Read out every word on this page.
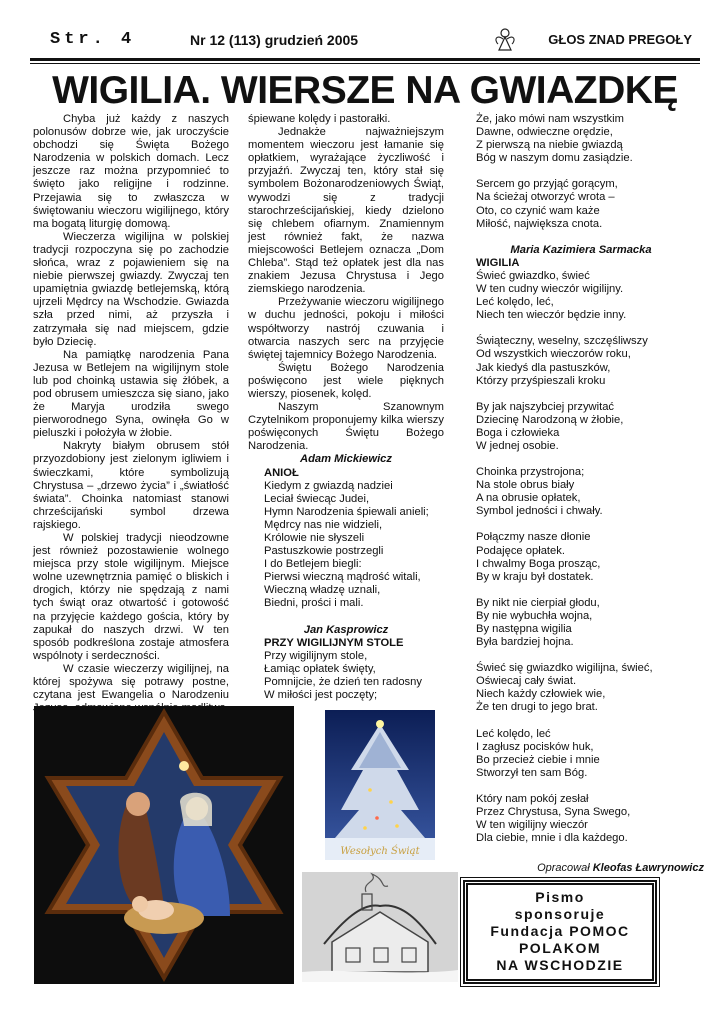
Str. 4	Nr 12 (113) grudzień 2005	GŁOS ZNAD PREGOŁY
WIGILIA. WIERSZE NA GWIAZDKĘ

Chyba już każdy z naszych polonusów dobrze wie, jak uroczyście obchodzi się Święta Bożego Narodzenia w polskich domach. Lecz jeszcze raz można przypomnieć to święto jako religijne i rodzinne. Przejawia się to zwłaszcza w świętowaniu wieczoru wigilijnego, który ma bogatą liturgię domową.

Wieczerza wigilijna w polskiej tradycji rozpoczyna się po zachodzie słońca, wraz z pojawieniem się na niebie pierwszej gwiazdy. Zwyczaj ten upamiętnia gwiazdę betlejemską, którą ujrzeli Mędrcy na Wschodzie. Gwiazda szła przed nimi, aż przyszła i zatrzymała się nad miejscem, gdzie było Dziecię.

Na pamiątkę narodzenia Pana Jezusa w Betlejem na wigilijnym stole lub pod choinką ustawia się żłóbek, a pod obrusem umieszcza się siano, jako że Maryja urodziła swego pierworodnego Syna, owinęła Go w pieluszki i położyła w żłobie.

Nakryty białym obrusem stół przyozdobiony jest zielonym igliwiem i świeczkami, które symbolizują Chrystusa – „drzewo życia” i „światłość świata”. Choinka natomiast stanowi chrześcijański symbol drzewa rajskiego.

W polskiej tradycji nieodzowne jest również pozostawienie wolnego miejsca przy stole wigilijnym. Miejsce wolne uzewnętrznia pamięć o bliskich i drogich, którzy nie spędzają z nami tych świąt oraz otwartość i gotowość na przyjęcie każdego gościa, który by zapukał do naszych drzwi. W ten sposób podkreślona zostaje atmosfera wspólnoty i serdeczności.

W czasie wieczerzy wigilijnej, na której spożywa się potrawy postne, czytana jest Ewangelia o Narodzeniu

śpiewane kolędy i pastorałki.

Jednakże najważniejszym momentem wieczoru jest łamanie się opłatkiem, wyrażające życzliwość i przyjaźń. Zwyczaj ten, który stał się symbolem Bożonarodzeniowych Świąt, wywodzi się z tradycji starochrześcijańskiej, kiedy dzielono się chlebem ofiarnym. Znamiennym jest również fakt, że nazwa miejscowości Betlejem oznacza „Dom Chleba”. Stąd też opłatek jest dla nas znakiem Jezusa Chrystusa i Jego ziemskiego narodzenia.

Przeżywanie wieczoru wigilijnego w duchu jedności, pokoju i miłości współtworzy nastrój czuwania i otwarcia naszych serc na przyjęcie świętej tajemnicy Bożego Narodzenia.

Świętu Bożego Narodzenia poświęcono jest wiele pięknych wierszy, piosenek, kolęd.

Naszym Szanownym Czytelnikom proponujemy kilka wierszy poświęconych Świętu Bożego Narodzenia.

Adam Mickiewicz
ANIOŁ
Kiedym z gwiazdą nadziei
Leciał świecąc Judei,
Hymn Narodzenia śpiewali anieli;
Mędrcy nas nie widzieli,
Królowie nie słyszeli
Pastuszkowie postrzegli
I do Betlejem biegli:
Pierwsi wieczną mądrość witali,
Wieczną władzę uznali,
Biedni, prości i mali.
Jan Kasprowicz
PRZY WIGILIJNYM STOLE
Przy wigilijnym stole,
Łamiąc opłatek święty,
Pomnijcie, że dzień ten radosny
W miłości jest poczęty;
Że, jako mówi nam wszystkim
Dawne, odwieczne orędzie,
Z pierwszą na niebie gwiazdą
Bóg w naszym domu zasiądzie.
Sercem go przyjąć gorącym,
Na ścieżaj otworzyć wrota –
Oto, co czynić wam każe
Miłość, największa cnota.
Maria Kazimiera Sarmacka
WIGILIA
Świeć gwiazdko, świeć
W ten cudny wieczór wigilijny.
Leć kolędo, leć,
Niech ten wieczór będzie inny.
Świąteczny, weselny, szczęśliwszy
Od wszystkich wieczorów roku,
Jak kiedyś dla pastuszków,
Którzy przyśpieszali kroku
By jak najszybciej przywitać
Dziecinę Narodzoną w żłobie,
Boga i człowieka
W jednej osobie.
Choinka przystrojona;
Na stole obrus biały
A na obrusie opłatek,
Symbol jedności i chwały.
Połączmy nasze dłonie
Podajęce opłatek.
I chwalmy Boga prosząc,
By w kraju był dostatek.
By nikt nie cierpiał głodu,
By nie wybuchła wojna,
By następna wigilia
Była bardziej hojna.
Świeć się gwiazdko wigilijna, świeć,
Oświecaj cały świat.
Niech każdy człowiek wie,
Że ten drugi to jego brat.
Leć kolędo, leć
I zagłusz pocisków huk,
Bo przecież ciebie i mnie
Stworzył ten sam Bóg.
Który nam pokój zesłał
Przez Chrystusa, Syna Swego,
W ten wigilijny wieczór
Dla ciebie, mnie i dla każdego.
Opracował Kleofas Ławrynowicz
Wesołych Świąt
Pismo
sponsoruje
Fundacja POMOC
POLAKOM
NA WSCHODZIE
